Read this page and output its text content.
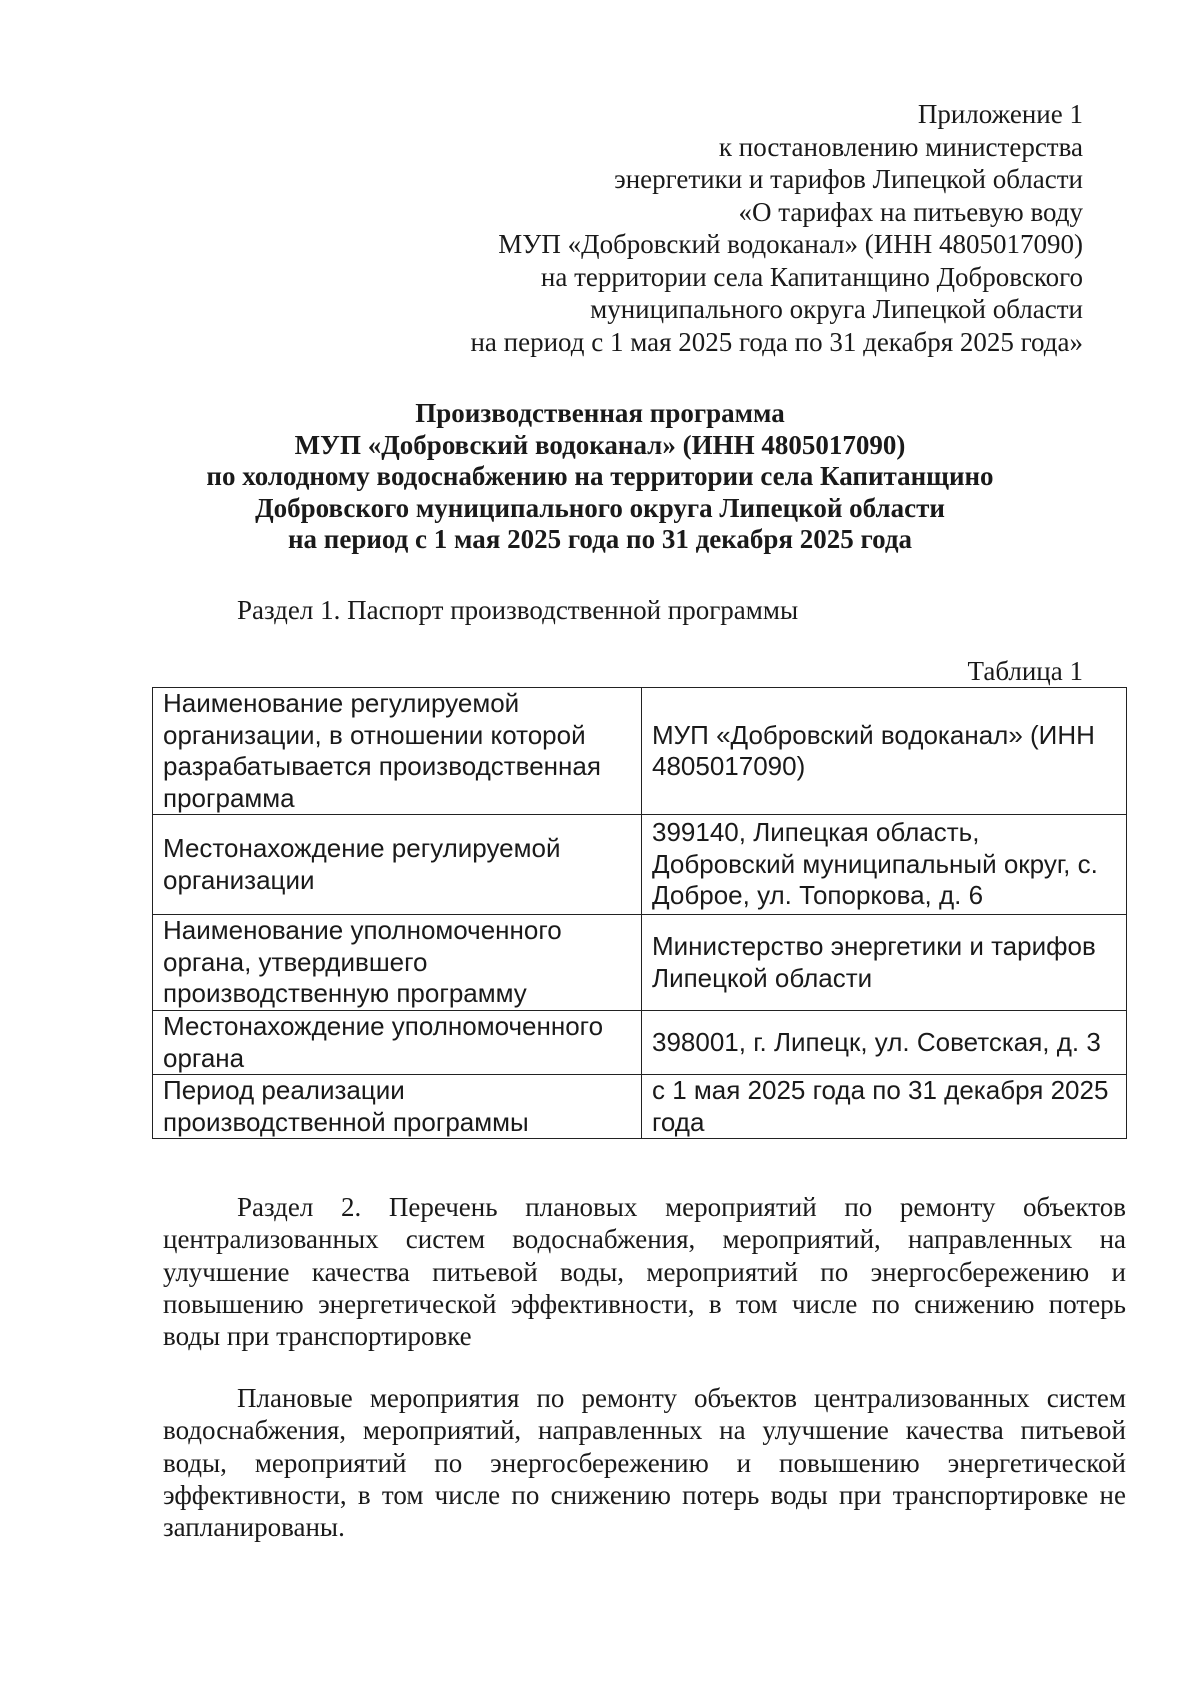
Приложение 1
к постановлению министерства
энергетики и тарифов Липецкой области
«О тарифах на питьевую воду
МУП «Добровский водоканал» (ИНН 4805017090)
на территории села Капитанщино Добровского
муниципального округа Липецкой области
на период с 1 мая 2025 года по 31 декабря 2025 года»
Производственная программа
МУП «Добровский водоканал» (ИНН 4805017090)
по холодному водоснабжению на территории села Капитанщино
Добровского муниципального округа Липецкой области
на период с 1 мая 2025 года по 31 декабря 2025 года
Раздел 1. Паспорт производственной программы
Таблица 1
Наименование регулируемой организации, в отношении которой разрабатывается производственная программа	МУП «Добровский водоканал» (ИНН 4805017090)
Местонахождение регулируемой организации	399140, Липецкая область, Добровский муниципальный округ, с. Доброе, ул. Топоркова, д. 6
Наименование уполномоченного органа, утвердившего производственную программу	Министерство энергетики и тарифов Липецкой области
Местонахождение уполномоченного органа	398001, г. Липецк, ул. Советская, д. 3
Период реализации производственной программы	с 1 мая 2025 года по 31 декабря 2025 года
Раздел 2. Перечень плановых мероприятий по ремонту объектов централизованных систем водоснабжения, мероприятий, направленных на улучшение качества питьевой воды, мероприятий по энергосбережению и повышению энергетической эффективности, в том числе по снижению потерь воды при транспортировке
Плановые мероприятия по ремонту объектов централизованных систем водоснабжения, мероприятий, направленных на улучшение качества питьевой воды, мероприятий по энергосбережению и повышению энергетической эффективности, в том числе по снижению потерь воды при транспортировке не запланированы.
